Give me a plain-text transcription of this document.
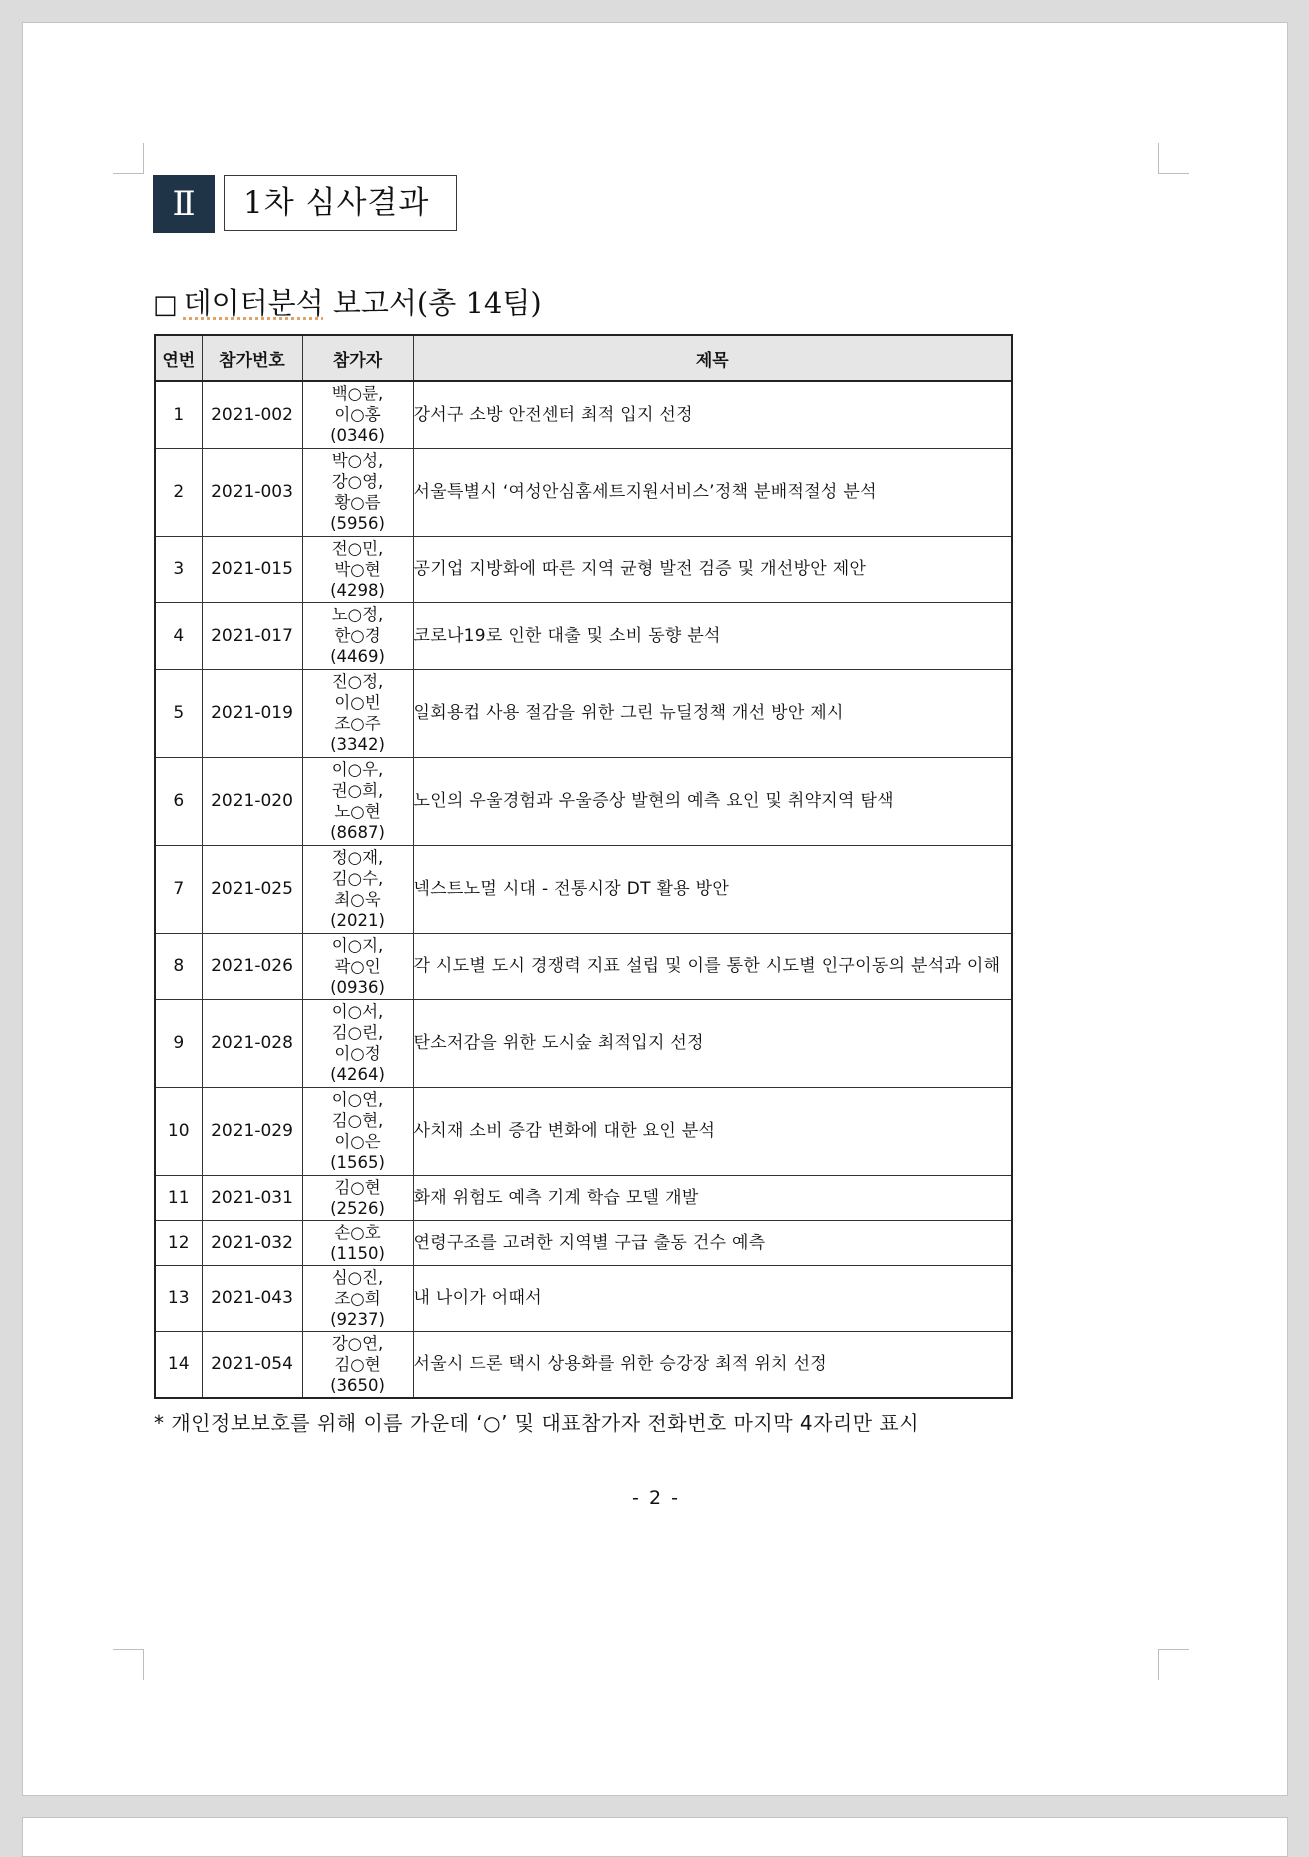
Ⅱ	1차 심사결과
□ 데이터분석 보고서(총 14팀)
연번	참가번호	참가자	제목
1	2021-002	백○륜,
이○홍
(0346)	강서구 소방 안전센터 최적 입지 선정
2	2021-003	박○성,
강○영,
황○름
(5956)	서울특별시 ‘여성안심홈세트지원서비스’정책 분배적절성 분석
3	2021-015	전○민,
박○현
(4298)	공기업 지방화에 따른 지역 균형 발전 검증 및 개선방안 제안
4	2021-017	노○정,
한○경
(4469)	코로나19로 인한 대출 및 소비 동향 분석
5	2021-019	진○정,
이○빈
조○주
(3342)	일회용컵 사용 절감을 위한 그린 뉴딜정책 개선 방안 제시
6	2021-020	이○우,
권○희,
노○현
(8687)	노인의 우울경험과 우울증상 발현의 예측 요인 및 취약지역 탐색
7	2021-025	정○재,
김○수,
최○욱
(2021)	넥스트노멀 시대 - 전통시장 DT 활용 방안
8	2021-026	이○지,
곽○인
(0936)	각 시도별 도시 경쟁력 지표 설립 및 이를 통한 시도별 인구이동의 분석과 이해
9	2021-028	이○서,
김○린,
이○정
(4264)	탄소저감을 위한 도시숲 최적입지 선정
10	2021-029	이○연,
김○현,
이○은
(1565)	사치재 소비 증감 변화에 대한 요인 분석
11	2021-031	김○현
(2526)	화재 위험도 예측 기계 학습 모델 개발
12	2021-032	손○호
(1150)	연령구조를 고려한 지역별 구급 출동 건수 예측
13	2021-043	심○진,
조○희
(9237)	내 나이가 어때서
14	2021-054	강○연,
김○현
(3650)	서울시 드론 택시 상용화를 위한 승강장 최적 위치 선정
* 개인정보보호를 위해 이름 가운데 ‘○’ 및 대표참가자 전화번호 마지막 4자리만 표시
- 2 -
